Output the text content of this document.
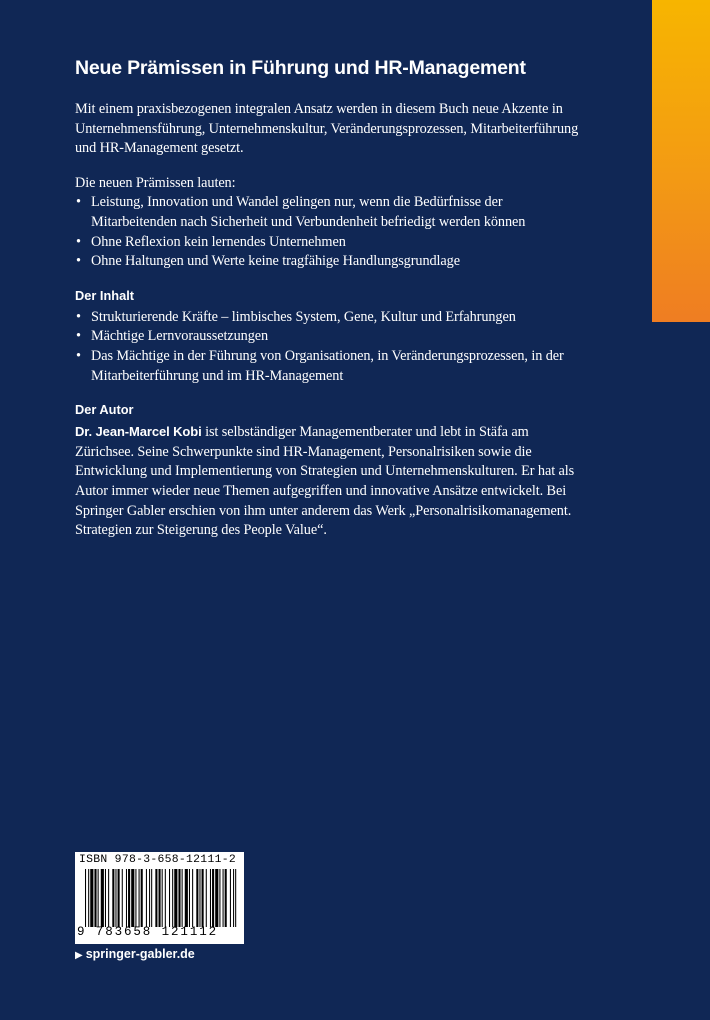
Neue Prämissen in Führung und HR-Management

Mit einem praxisbezogenen integralen Ansatz werden in diesem Buch neue Akzente in Unternehmensführung, Unternehmenskultur, Veränderungsprozessen, Mitarbeiterführung und HR-Management gesetzt.

Die neuen Prämissen lauten:

• Leistung, Innovation und Wandel gelingen nur, wenn die Bedürfnisse der Mitarbeitenden nach Sicherheit und Verbundenheit befriedigt werden können
• Ohne Reflexion kein lernendes Unternehmen
• Ohne Haltungen und Werte keine tragfähige Handlungsgrundlage
Der Inhalt
• Strukturierende Kräfte – limbisches System, Gene, Kultur und Erfahrungen
• Mächtige Lernvoraussetzungen
• Das Mächtige in der Führung von Organisationen, in Veränderungsprozessen, in der Mitarbeiterführung und im HR-Management
Der Autor

Dr. Jean-Marcel Kobi ist selbständiger Managementberater und lebt in Stäfa am Zürichsee. Seine Schwerpunkte sind HR-Management, Personalrisiken sowie die Entwicklung und Implementierung von Strategien und Unternehmenskulturen. Er hat als Autor immer wieder neue Themen aufgegriffen und innovative Ansätze entwickelt. Bei Springer Gabler erschien von ihm unter anderem das Werk „Personalrisikomanagement. Strategien zur Steigerung des People Value“.

ISBN 978-3-658-12111-2
9 783658 121112
▶ springer-gabler.de
